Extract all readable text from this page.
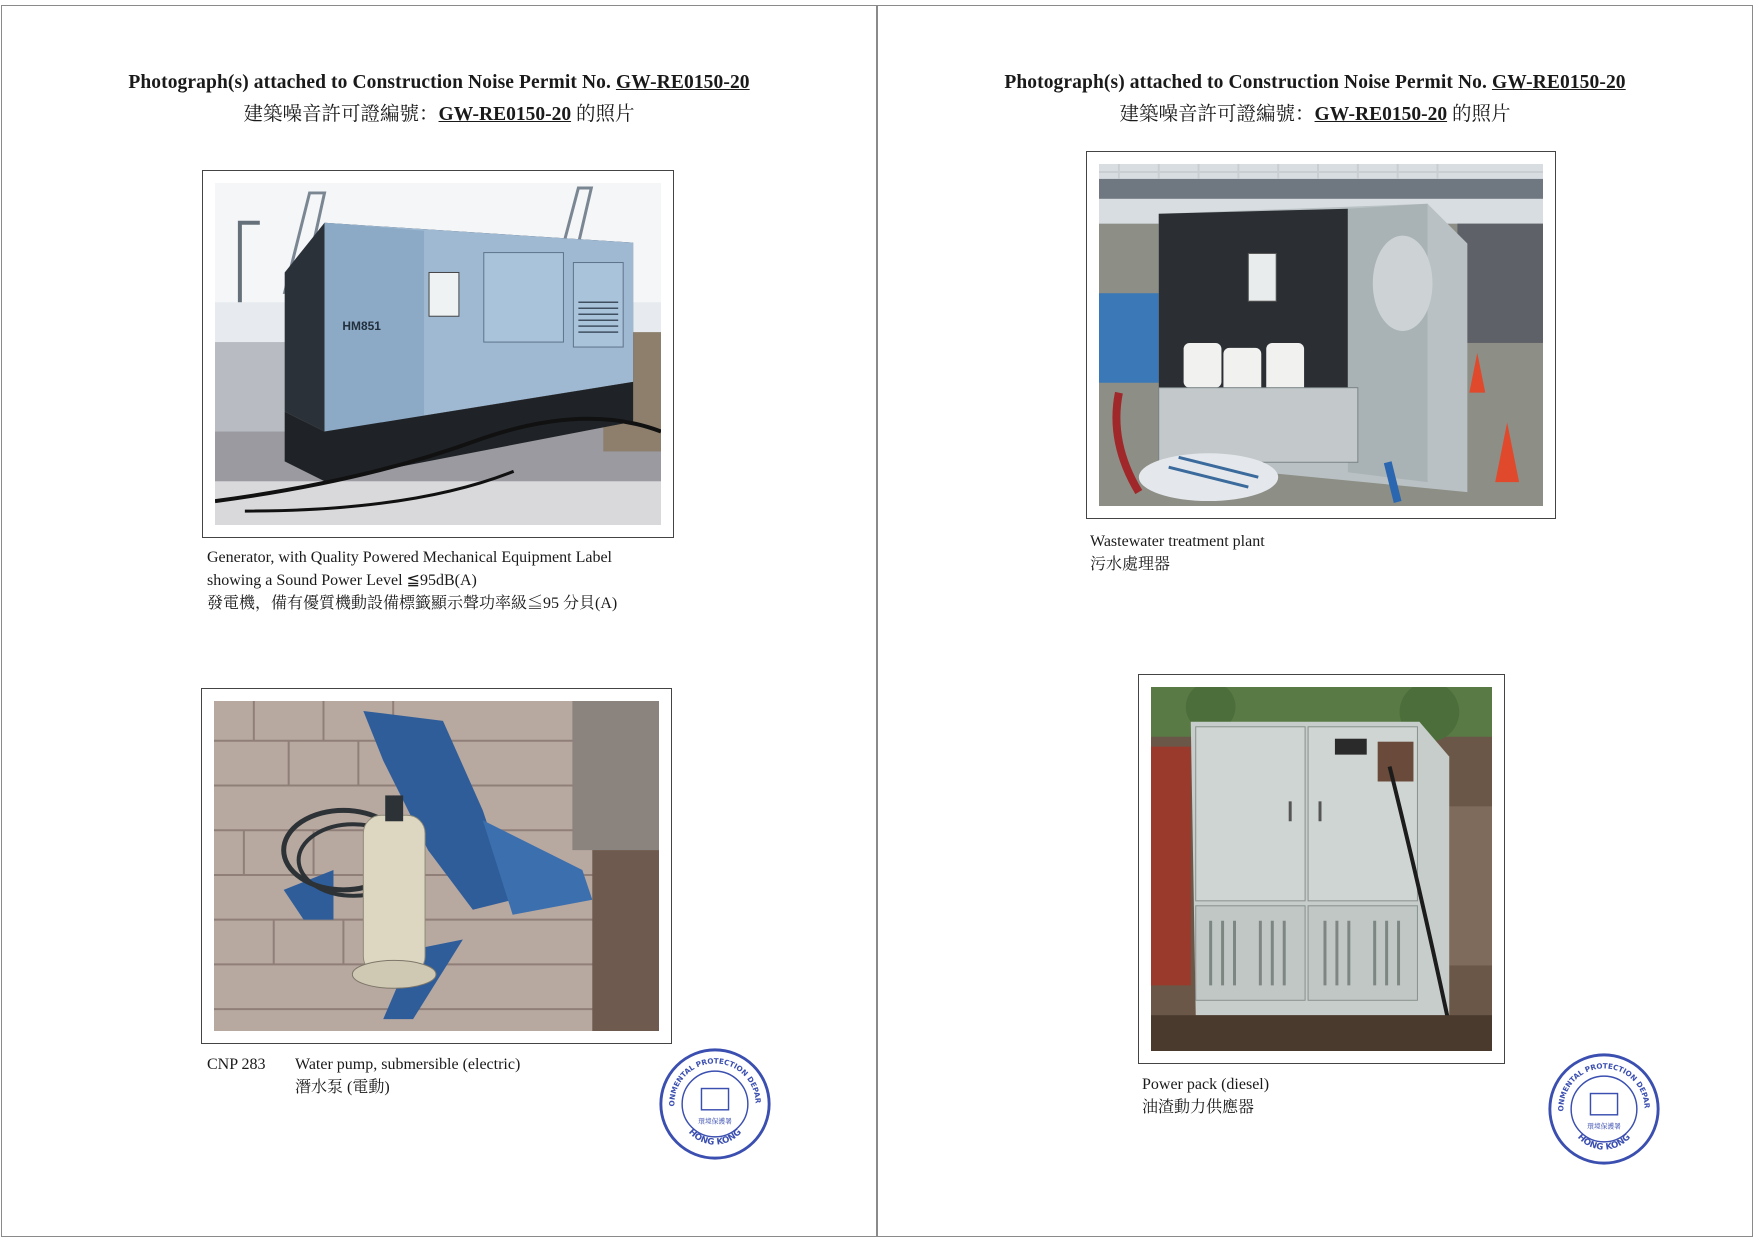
Photograph(s) attached to Construction Noise Permit No. GW-RE0150-20
建築噪音許可證編號：GW-RE0150-20 的照片
HM851
Generator, with Quality Powered Mechanical Equipment Label
showing a Sound Power Level ≦95dB(A)
發電機，備有優質機動設備標籤顯示聲功率級≦95 分貝(A)
CNP 283 Water pump, submersible (electric)
潛水泵 (電動)
ONMENTAL PROTECTION DEPAR
HONG KONG
環境保護署
Photograph(s) attached to Construction Noise Permit No. GW-RE0150-20
建築噪音許可證編號：GW-RE0150-20 的照片
Wastewater treatment plant
污水處理器
Power pack (diesel)
油渣動力供應器	ONMENTAL PROTECTION DEPAR
HONG KONG
環境保護署
